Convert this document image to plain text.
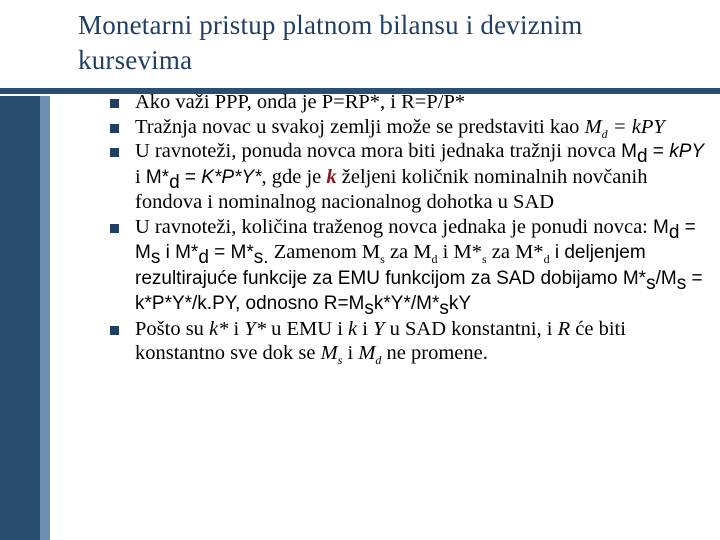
Monetarni pristup platnom bilansu i deviznim kursevima
Ako važi PPP, onda je P=RP*, i R=P/P*
Tražnja novac u svakoj zemlji može se predstaviti kao $M_d$ = kPY
U ravnoteži, ponuda novca mora biti jednaka tražnji novca $M_d$ = kPY i $M*_d = K*P*Y*$, gde je k željeni količnik nominalnih novčanih fondova i nominalnog nacionalnog dohotka u SAD
U ravnoteži, količina traženog novca jednaka je ponudi novca: $M_d = M_s$ i $M*_d = M*_{s.}$ Zamenom $M_s$ za $M_d$ i $M*_s$ za $M*_d$ i deljenjem rezultirajuće funkcije za EMU funkcijom za SAD dobijamo $M*_s/M_s = k*P*Y*/k.PY$, odnosno $R=M_sk*Y*/M*_skY$
Pošto su k* i Y* u EMU i k i Y u SAD konstantni, i R će biti konstantno sve dok se $M_s$ i $M_d$ ne promene.
